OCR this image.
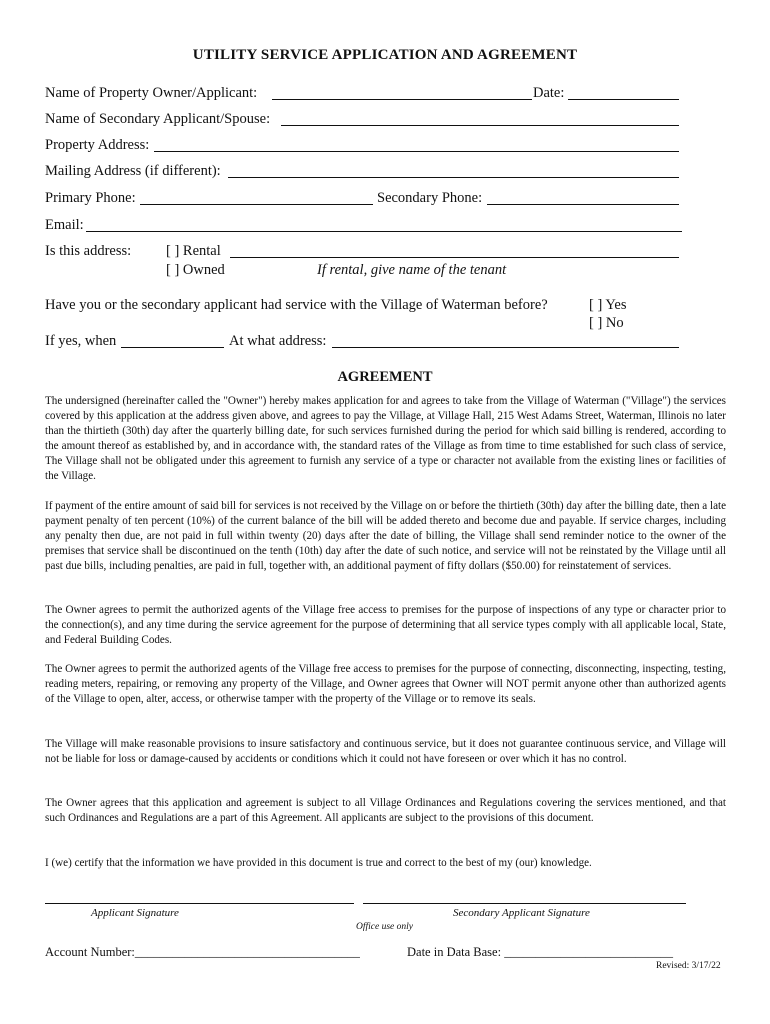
UTILITY SERVICE APPLICATION AND AGREEMENT
Name of Property Owner/Applicant:	Date:
Name of Secondary Applicant/Spouse:
Property Address:
Mailing Address (if different):
Primary Phone:	Secondary Phone:
Email:
Is this address: [ ] Rental
[ ] Owned	If rental, give name of the tenant
Have you or the secondary applicant had service with the Village of Waterman before?	[ ] Yes
[ ] No
If yes, when	At what address:
AGREEMENT

The undersigned (hereinafter called the "Owner") hereby makes application for and agrees to take from the Village of Waterman ("Village") the services covered by this application at the address given above, and agrees to pay the Village, at Village Hall, 215 West Adams Street, Waterman, Illinois no later than the thirtieth (30th) day after the quarterly billing date, for such services furnished during the period for which said billing is rendered, according to the amount thereof as established by, and in accordance with, the standard rates of the Village as from time to time established for such class of service, The Village shall not be obligated under this agreement to furnish any service of a type or character not available from the existing lines or facilities of the Village.

If payment of the entire amount of said bill for services is not received by the Village on or before the thirtieth (30th) day after the billing date, then a late payment penalty of ten percent (10%) of the current balance of the bill will be added thereto and become due and payable. If service charges, including any penalty then due, are not paid in full within twenty (20) days after the date of billing, the Village shall send reminder notice to the owner of the premises that service shall be discontinued on the tenth (10th) day after the date of such notice, and service will not be reinstated by the Village until all past due bills, including penalties, are paid in full, together with, an additional payment of fifty dollars ($50.00) for reinstatement of services.

The Owner agrees to permit the authorized agents of the Village free access to premises for the purpose of inspections of any type or character prior to the connection(s), and any time during the service agreement for the purpose of determining that all service types comply with all applicable local, State, and Federal Building Codes.

The Owner agrees to permit the authorized agents of the Village free access to premises for the purpose of connecting, disconnecting, inspecting, testing, reading meters, repairing, or removing any property of the Village, and Owner agrees that Owner will NOT permit anyone other than authorized agents of the Village to open, alter, access, or otherwise tamper with the property of the Village or to remove its seals.

The Village will make reasonable provisions to insure satisfactory and continuous service, but it does not guarantee continuous service, and Village will not be liable for loss or damage-caused by accidents or conditions which it could not have foreseen or over which it has no control.

The Owner agrees that this application and agreement is subject to all Village Ordinances and Regulations covering the services mentioned, and that such Ordinances and Regulations are a part of this Agreement. All applicants are subject to the provisions of this document.

I (we) certify that the information we have provided in this document is true and correct to the best of my (our) knowledge.

Applicant Signature	Secondary Applicant Signature
Office use only
Account Number:____________________________________	Date in Data Base: ___________________________
Revised: 3/17/22
